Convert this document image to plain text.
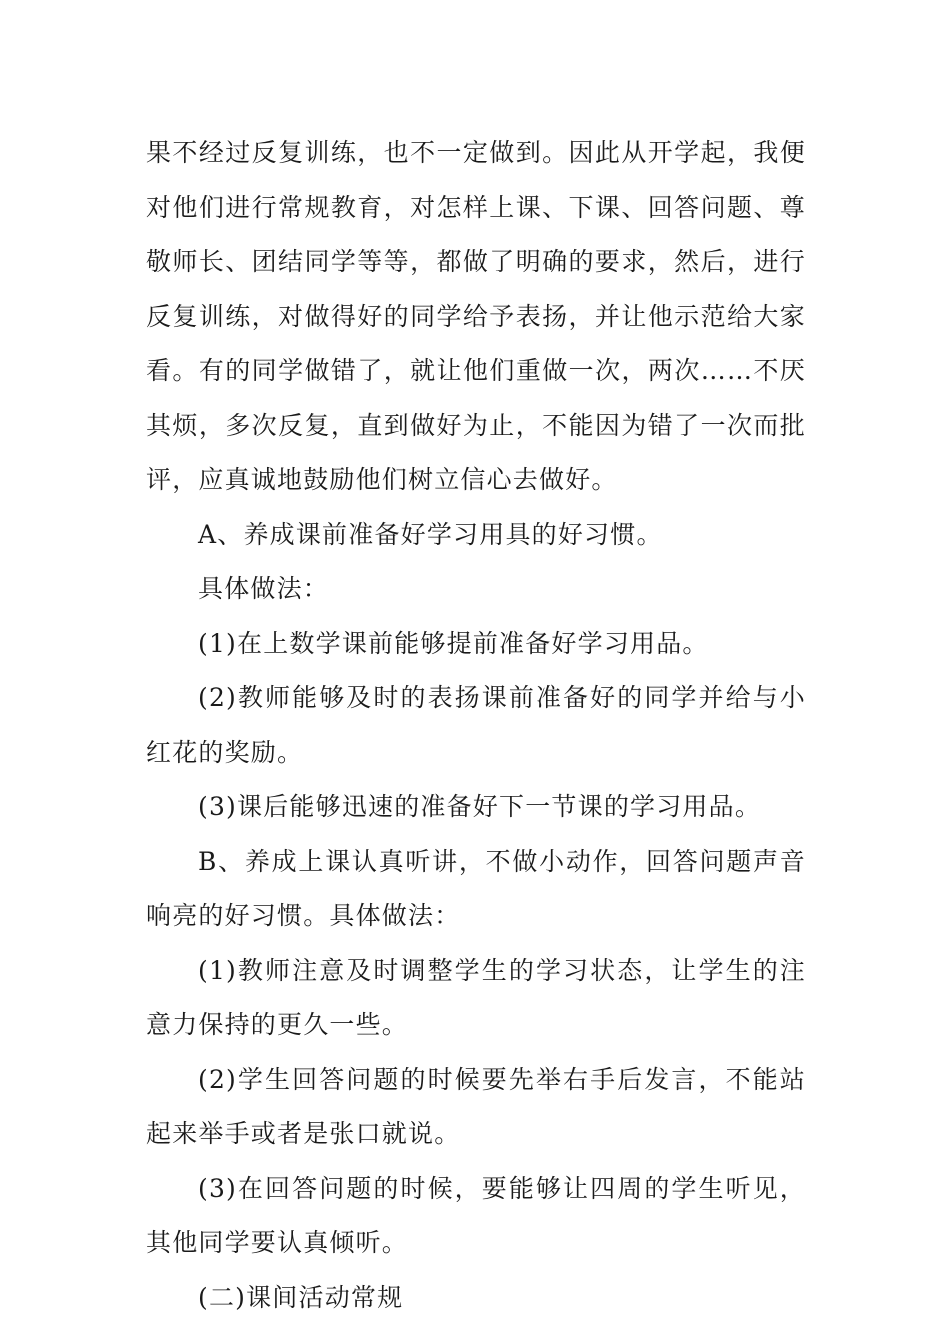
果不经过反复训练，也不一定做到。因此从开学起，我便对他们进行常规教育，对怎样上课、下课、回答问题、尊敬师长、团结同学等等，都做了明确的要求，然后，进行反复训练，对做得好的同学给予表扬，并让他示范给大家看。有的同学做错了，就让他们重做一次，两次……不厌其烦，多次反复，直到做好为止，不能因为错了一次而批评，应真诚地鼓励他们树立信心去做好。

A、养成课前准备好学习用具的好习惯。

具体做法：

(1)在上数学课前能够提前准备好学习用品。

(2)教师能够及时的表扬课前准备好的同学并给与小红花的奖励。

(3)课后能够迅速的准备好下一节课的学习用品。

B、养成上课认真听讲，不做小动作，回答问题声音响亮的好习惯。具体做法：

(1)教师注意及时调整学生的学习状态，让学生的注意力保持的更久一些。

(2)学生回答问题的时候要先举右手后发言，不能站起来举手或者是张口就说。

(3)在回答问题的时候，要能够让四周的学生听见，其他同学要认真倾听。

(二)课间活动常规
